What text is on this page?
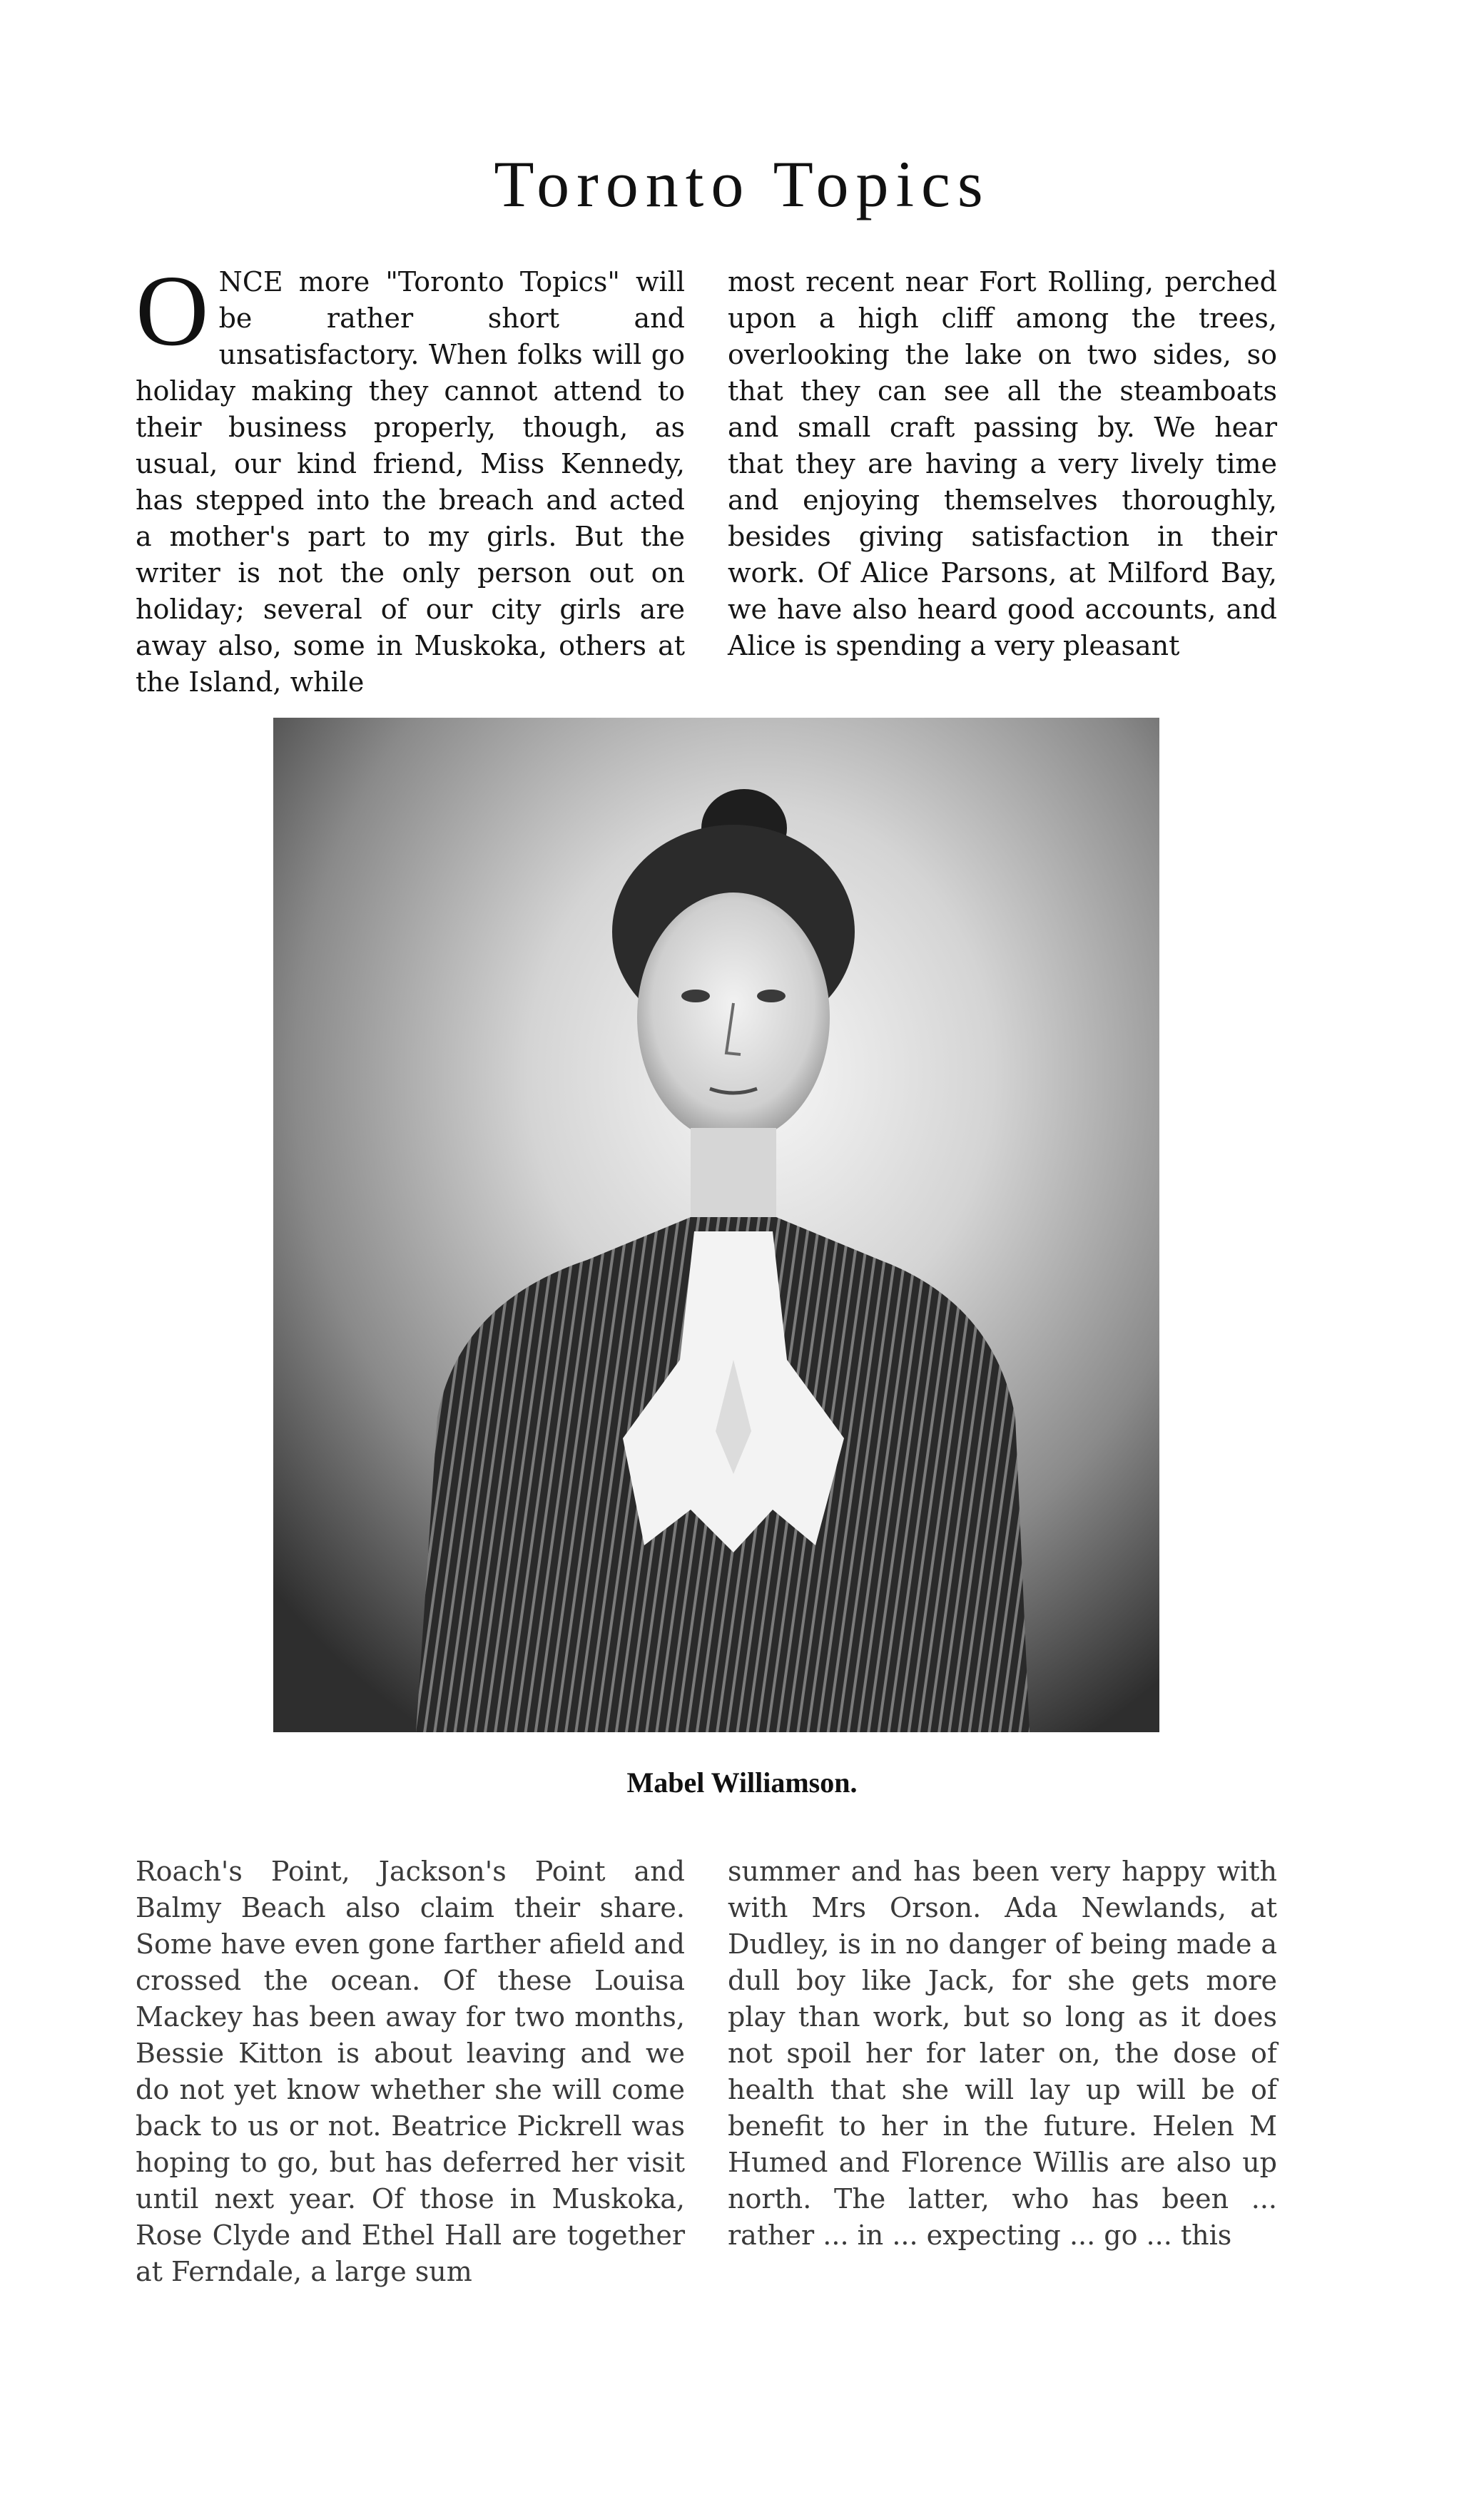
Toronto Topics
O NCE more "Toronto Topics" will be rather short and unsatisfactory. When folks will go holiday making they cannot attend to their business properly, though, as usual, our kind friend, Miss Kennedy, has stepped into the breach and acted a mother's part to my girls. But the writer is not the only person out on holiday; several of our city girls are away also, some in Muskoka, others at the Island, while
most recent near Fort Rolling, perched upon a high cliff among the trees, overlooking the lake on two sides, so that they can see all the steamboats and small craft passing by. We hear that they are having a very lively time and enjoying themselves thoroughly, besides giving satisfaction in their work. Of Alice Parsons, at Milford Bay, we have also heard good accounts, and Alice is spending a very pleasant
Mabel Williamson.
Roach's Point, Jackson's Point and Balmy Beach also claim their share. Some have even gone farther afield and crossed the ocean. Of these Louisa Mackey has been away for two months, Bessie Kitton is about leaving and we do not yet know whether she will come back to us or not. Beatrice Pickrell was hoping to go, but has deferred her visit until next year. Of those in Muskoka, Rose Clyde and Ethel Hall are together at Ferndale, a large sum
summer and has been very happy with with Mrs Orson. Ada Newlands, at Dudley, is in no danger of being made a dull boy like Jack, for she gets more play than work, but so long as it does not spoil her for later on, the dose of health that she will lay up will be of benefit to her in the future. Helen M Humed and Florence Willis are also up north. The latter, who has been ... rather ... in ... expecting ... go ... this
